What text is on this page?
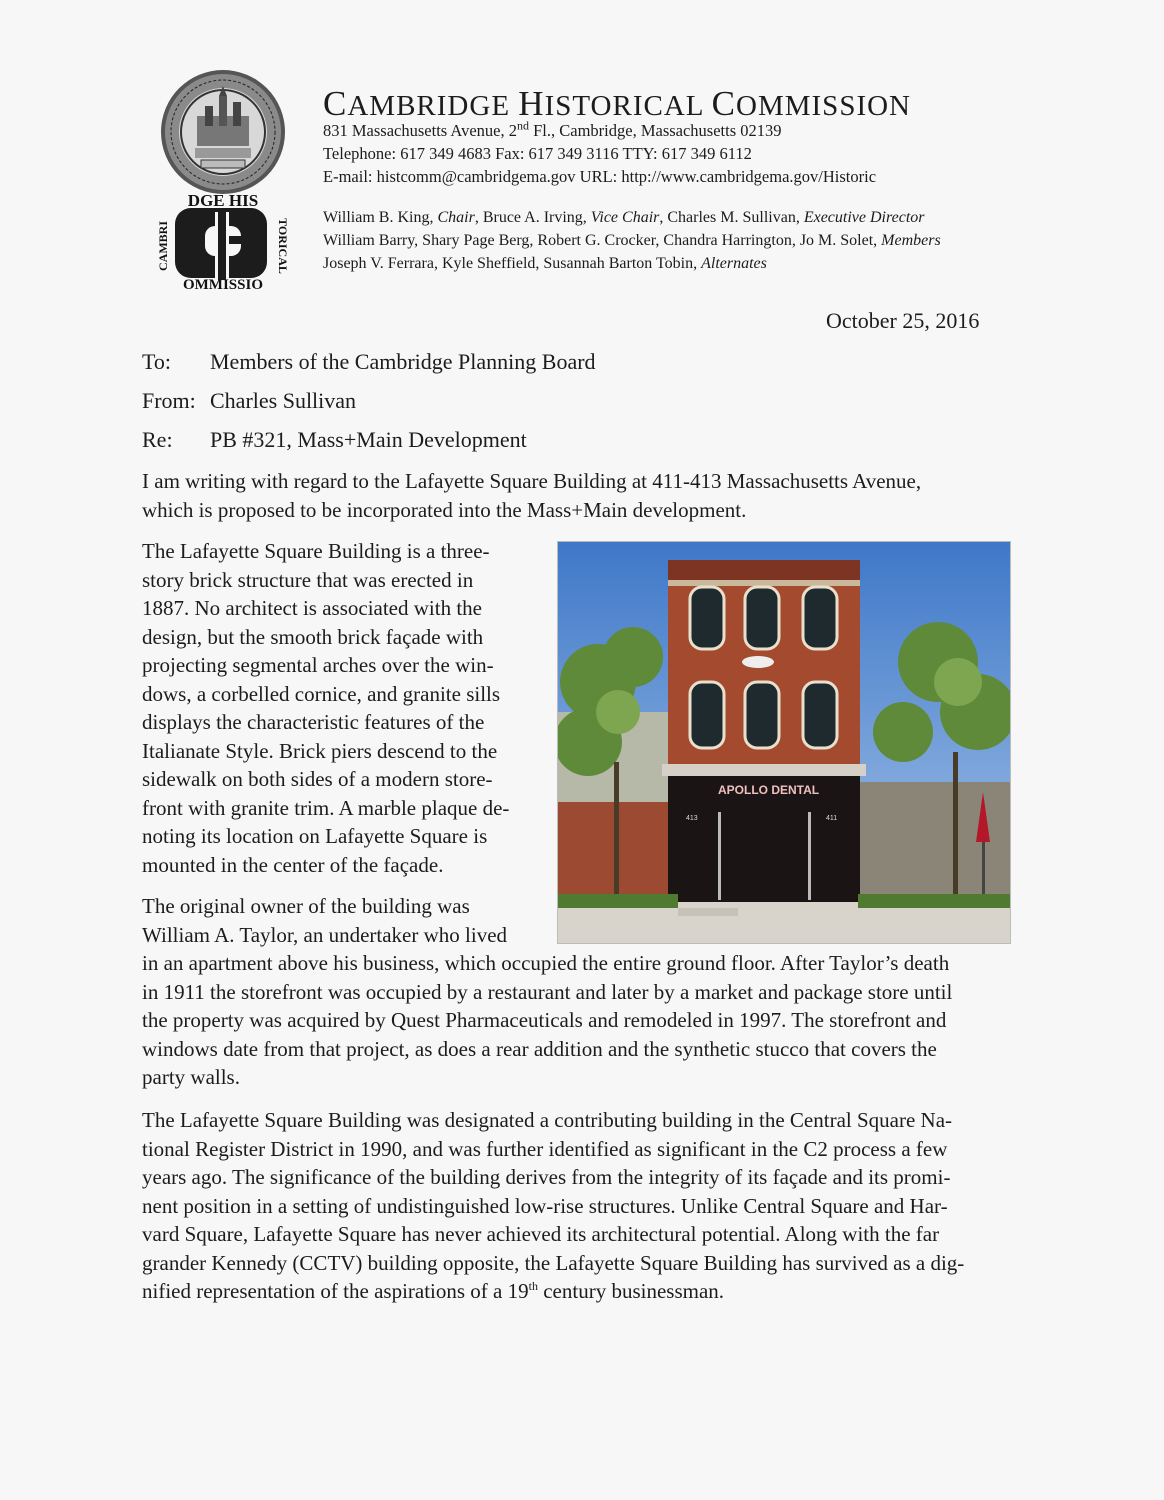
DGE HIS
OMMISSIO
CAMBRI	TORICAL
CAMBRIDGE HISTORICAL COMMISSION
831 Massachusetts Avenue, 2nd Fl., Cambridge, Massachusetts 02139
Telephone: 617 349 4683 Fax: 617 349 3116 TTY: 617 349 6112
E-mail: histcomm@cambridgema.gov URL: http://www.cambridgema.gov/Historic
William B. King, Chair, Bruce A. Irving, Vice Chair, Charles M. Sullivan, Executive Director
William Barry, Shary Page Berg, Robert G. Crocker, Chandra Harrington, Jo M. Solet, Members
Joseph V. Ferrara, Kyle Sheffield, Susannah Barton Tobin, Alternates
October 25, 2016
To: Members of the Cambridge Planning Board
From: Charles Sullivan
Re: PB #321, Mass+Main Development

I am writing with regard to the Lafayette Square Building at 411-413 Massachusetts Avenue,

which is proposed to be incorporated into the Mass+Main development.

The Lafayette Square Building is a three-

story brick structure that was erected in

1887. No architect is associated with the

design, but the smooth brick façade with

projecting segmental arches over the win-

dows, a corbelled cornice, and granite sills

displays the characteristic features of the

Italianate Style. Brick piers descend to the

sidewalk on both sides of a modern store-

front with granite trim. A marble plaque de-

noting its location on Lafayette Square is

mounted in the center of the façade.

APOLLO DENTAL
413	411

The original owner of the building was

William A. Taylor, an undertaker who lived

in an apartment above his business, which occupied the entire ground floor. After Taylor’s death

in 1911 the storefront was occupied by a restaurant and later by a market and package store until

the property was acquired by Quest Pharmaceuticals and remodeled in 1997. The storefront and

windows date from that project, as does a rear addition and the synthetic stucco that covers the

party walls.

The Lafayette Square Building was designated a contributing building in the Central Square Na-

tional Register District in 1990, and was further identified as significant in the C2 process a few

years ago. The significance of the building derives from the integrity of its façade and its promi-

nent position in a setting of undistinguished low-rise structures. Unlike Central Square and Har-

vard Square, Lafayette Square has never achieved its architectural potential. Along with the far

grander Kennedy (CCTV) building opposite, the Lafayette Square Building has survived as a dig-

nified representation of the aspirations of a 19th century businessman.
